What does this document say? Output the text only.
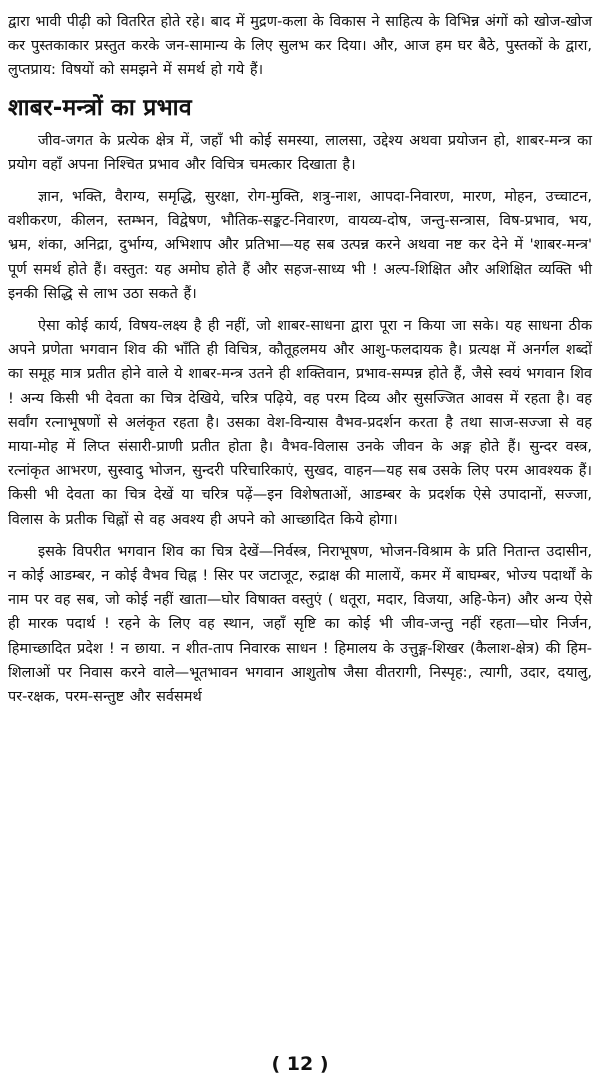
द्वारा भावी पीढ़ी को वितरित होते रहे। बाद में मुद्रण-कला के विकास ने साहित्य के विभिन्न अंगों को खोज-खोज कर पुस्तकाकार प्रस्तुत करके जन-सामान्य के लिए सुलभ कर दिया। और, आज हम घर बैठे, पुस्तकों के द्वारा, लुप्तप्राय: विषयों को समझने में समर्थ हो गये हैं।

शाबर-मन्त्रों का प्रभाव

जीव-जगत के प्रत्येक क्षेत्र में, जहाँ भी कोई समस्या, लालसा, उद्देश्य अथवा प्रयोजन हो, शाबर-मन्त्र का प्रयोग वहाँ अपना निश्चित प्रभाव और विचित्र चमत्कार दिखाता है।

ज्ञान, भक्ति, वैराग्य, समृद्धि, सुरक्षा, रोग-मुक्ति, शत्रु-नाश, आपदा-निवारण, मारण, मोहन, उच्चाटन, वशीकरण, कीलन, स्तम्भन, विद्वेषण, भौतिक-सङ्कट-निवारण, वायव्य-दोष, जन्तु-सन्त्रास, विष-प्रभाव, भय, भ्रम, शंका, अनिद्रा, दुर्भाग्य, अभिशाप और प्रतिभा—यह सब उत्पन्न करने अथवा नष्ट कर देने में 'शाबर-मन्त्र' पूर्ण समर्थ होते हैं। वस्तुत: यह अमोघ होते हैं और सहज-साध्य भी ! अल्प-शिक्षित और अशिक्षित व्यक्ति भी इनकी सिद्धि से लाभ उठा सकते हैं।

ऐसा कोई कार्य, विषय-लक्ष्य है ही नहीं, जो शाबर-साधना द्वारा पूरा न किया जा सके। यह साधना ठीक अपने प्रणेता भगवान शिव की भाँति ही विचित्र, कौतूहलमय और आशु-फलदायक है। प्रत्यक्ष में अनर्गल शब्दों का समूह मात्र प्रतीत होने वाले ये शाबर-मन्त्र उतने ही शक्तिवान, प्रभाव-सम्पन्न होते हैं, जैसे स्वयं भगवान शिव ! अन्य किसी भी देवता का चित्र देखिये, चरित्र पढ़िये, वह परम दिव्य और सुसज्जित आवस में रहता है। वह सर्वांग रत्नाभूषणों से अलंकृत रहता है। उसका वेश-विन्यास वैभव-प्रदर्शन करता है तथा साज-सज्जा से वह माया-मोह में लिप्त संसारी-प्राणी प्रतीत होता है। वैभव-विलास उनके जीवन के अङ्ग होते हैं। सुन्दर वस्त्र, रत्नांकृत आभरण, सुस्वादु भोजन, सुन्दरी परिचारिकाएं, सुखद, वाहन—यह सब उसके लिए परम आवश्यक हैं। किसी भी देवता का चित्र देखें या चरित्र पढ़ें—इन विशेषताओं, आडम्बर के प्रदर्शक ऐसे उपादानों, सज्जा, विलास के प्रतीक चिह्नों से वह अवश्य ही अपने को आच्छादित किये होगा।

इसके विपरीत भगवान शिव का चित्र देखें—निर्वस्त्र, निराभूषण, भोजन-विश्राम के प्रति नितान्त उदासीन, न कोई आडम्बर, न कोई वैभव चिह्न ! सिर पर जटाजूट, रुद्राक्ष की मालायें, कमर में बाघम्बर, भोज्य पदार्थों के नाम पर वह सब, जो कोई नहीं खाता—घोर विषाक्त वस्तुएं ( धतूरा, मदार, विजया, अहि-फेन) और अन्य ऐसे ही मारक पदार्थ ! रहने के लिए वह स्थान, जहाँ सृष्टि का कोई भी जीव-जन्तु नहीं रहता—घोर निर्जन, हिमाच्छादित प्रदेश ! न छाया. न शीत-ताप निवारक साधन ! हिमालय के उत्तुङ्ग-शिखर (कैलाश-क्षेत्र) की हिम-शिलाओं पर निवास करने वाले—भूतभावन भगवान आशुतोष जैसा वीतरागी, निस्पृह:, त्यागी, उदार, दयालु, पर-रक्षक, परम-सन्तुष्ट और सर्वसमर्थ

( 12 )
